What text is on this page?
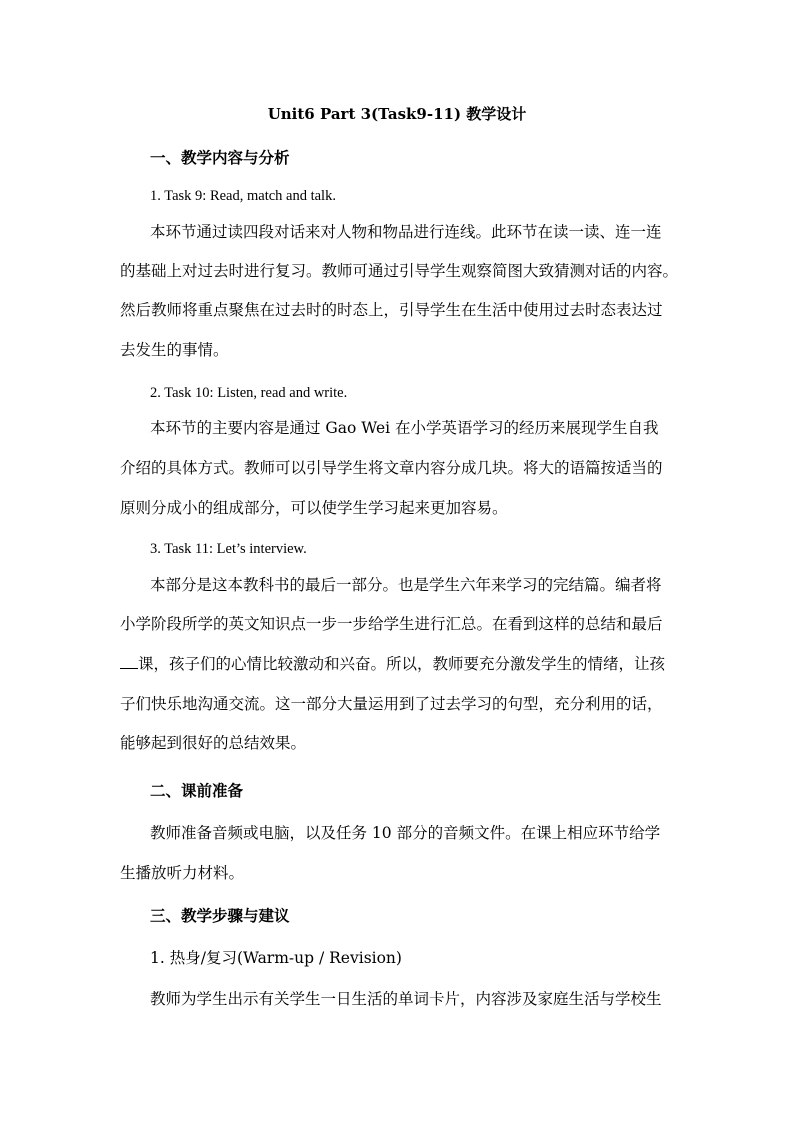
Unit6 Part 3(Task9-11) 教学设计
一、教学内容与分析
1. Task 9: Read, match and talk.
本环节通过读四段对话来对人物和物品进行连线。此环节在读一读、连一连
的基础上对过去时进行复习。教师可通过引导学生观察简图大致猜测对话的内容。
然后教师将重点聚焦在过去时的时态上，引导学生在生活中使用过去时态表达过
去发生的事情。
2. Task 10: Listen, read and write.
本环节的主要内容是通过 Gao Wei 在小学英语学习的经历来展现学生自我
介绍的具体方式。教师可以引导学生将文章内容分成几块。将大的语篇按适当的
原则分成小的组成部分，可以使学生学习起来更加容易。
3. Task 11: Let’s interview.
本部分是这本教科书的最后一部分。也是学生六年来学习的完结篇。编者将
小学阶段所学的英文知识点一步一步给学生进行汇总。在看到这样的总结和最后
课，孩子们的心情比较激动和兴奋。所以，教师要充分激发学生的情绪，让孩
子们快乐地沟通交流。这一部分大量运用到了过去学习的句型，充分利用的话，
能够起到很好的总结效果。
二、课前准备
教师准备音频或电脑，以及任务 10 部分的音频文件。在课上相应环节给学
生播放听力材料。
三、教学步骤与建议
1. 热身/复习(Warm-up / Revision)
教师为学生出示有关学生一日生活的单词卡片，内容涉及家庭生活与学校生
